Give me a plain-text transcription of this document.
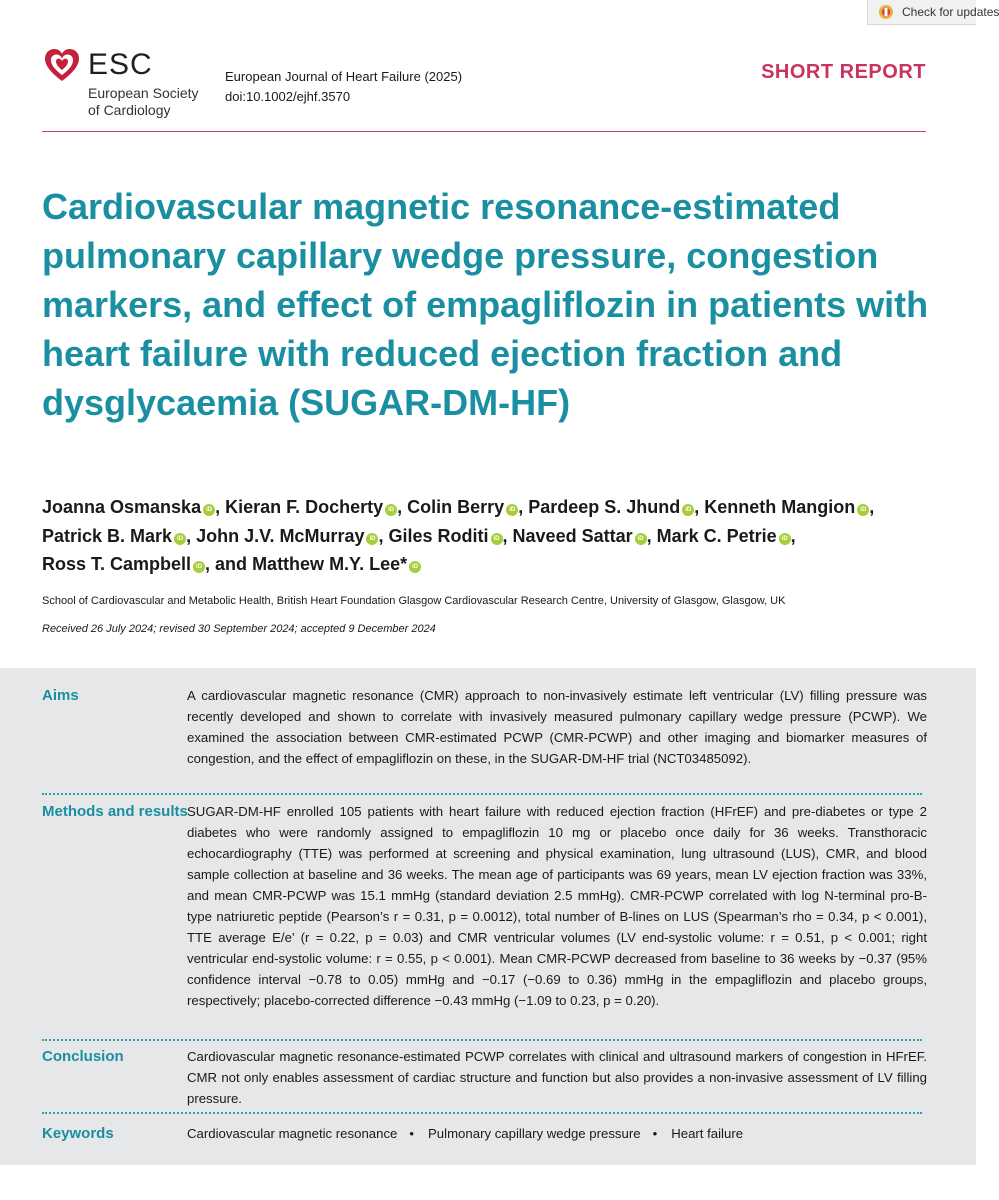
Check for updates
ESC
European Society
of Cardiology
European Journal of Heart Failure (2025)
doi:10.1002/ejhf.3570
SHORT REPORT
Cardiovascular magnetic resonance-estimated pulmonary capillary wedge pressure, congestion markers, and effect of empagliflozin in patients with heart failure with reduced ejection fraction and dysglycaemia (SUGAR-DM-HF)
Joanna Osmanska iD , Kieran F. Docherty iD , Colin Berry iD , Pardeep S. Jhund iD , Kenneth Mangion iD , Patrick B. Mark iD , John J.V. McMurray iD , Giles Roditi iD , Naveed Sattar iD , Mark C. Petrie iD , Ross T. Campbell iD , and Matthew M.Y. Lee* iD
School of Cardiovascular and Metabolic Health, British Heart Foundation Glasgow Cardiovascular Research Centre, University of Glasgow, Glasgow, UK
Received 26 July 2024; revised 30 September 2024; accepted 9 December 2024
Aims	A cardiovascular magnetic resonance (CMR) approach to non-invasively estimate left ventricular (LV) filling pressure was recently developed and shown to correlate with invasively measured pulmonary capillary wedge pressure (PCWP). We examined the association between CMR-estimated PCWP (CMR-PCWP) and other imaging and biomarker measures of congestion, and the effect of empagliflozin on these, in the SUGAR-DM-HF trial (NCT03485092).

Methods and results SUGAR-DM-HF enrolled 105 patients with heart failure with reduced ejection fraction (HFrEF) and pre-diabetes or type 2 diabetes who were randomly assigned to empagliflozin 10 mg or placebo once daily for 36 weeks. Transthoracic echocardiography (TTE) was performed at screening and physical examination, lung ultrasound (LUS), CMR, and blood sample collection at baseline and 36 weeks. The mean age of participants was 69 years, mean LV ejection fraction was 33%, and mean CMR-PCWP was 15.1 mmHg (standard deviation 2.5 mmHg). CMR-PCWP correlated with log N-terminal pro-B-type natriuretic peptide (Pearson’s r = 0.31, p = 0.0012), total number of B-lines on LUS (Spearman’s rho = 0.34, p < 0.001), TTE average E/e’ (r = 0.22, p = 0.03) and CMR ventricular volumes (LV end-systolic volume: r = 0.51, p < 0.001; right ventricular end-systolic volume: r = 0.55, p < 0.001). Mean CMR-PCWP decreased from baseline to 36 weeks by −0.37 (95% confidence interval −0.78 to 0.05) mmHg and −0.17 (−0.69 to 0.36) mmHg in the empagliflozin and placebo groups, respectively; placebo-corrected difference −0.43 mmHg (−1.09 to 0.23, p = 0.20).

Conclusion	Cardiovascular magnetic resonance-estimated PCWP correlates with clinical and ultrasound markers of congestion in HFrEF. CMR not only enables assessment of cardiac structure and function but also provides a non-invasive assessment of LV filling pressure.

Keywords	Cardiovascular magnetic resonance • Pulmonary capillary wedge pressure • Heart failure
